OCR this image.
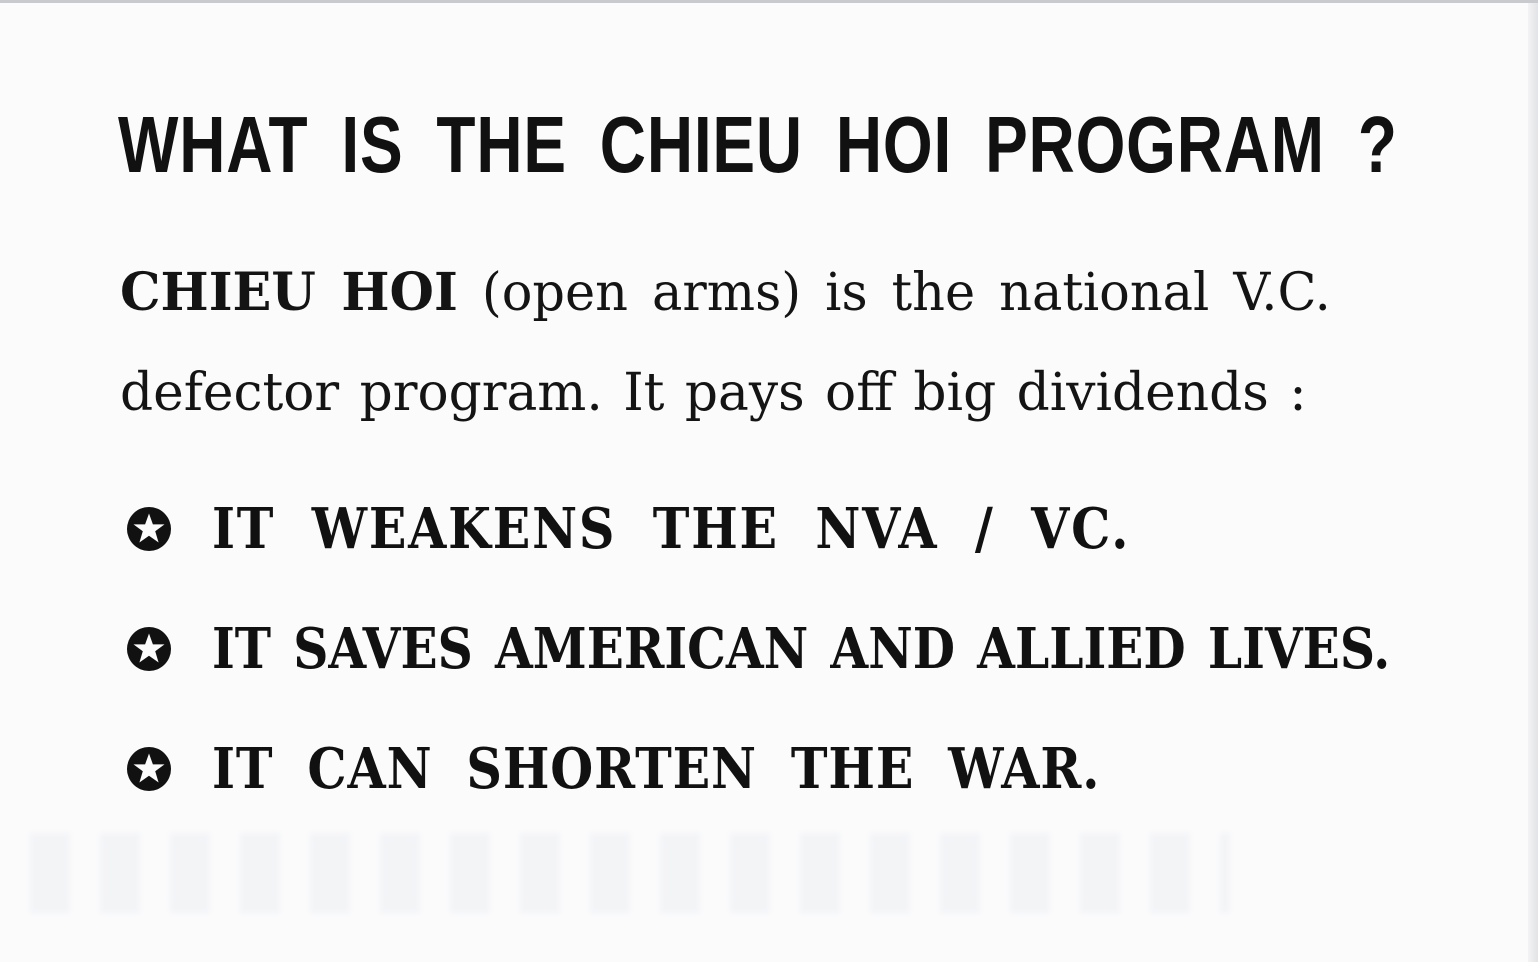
WHAT IS THE CHIEU HOI PROGRAM ?

CHIEU HOI (open arms) is the national V.C.
defector program. It pays off big dividends :

IT WEAKENS THE NVA / VC.
IT SAVES AMERICAN AND ALLIED LIVES.
IT CAN SHORTEN THE WAR.
